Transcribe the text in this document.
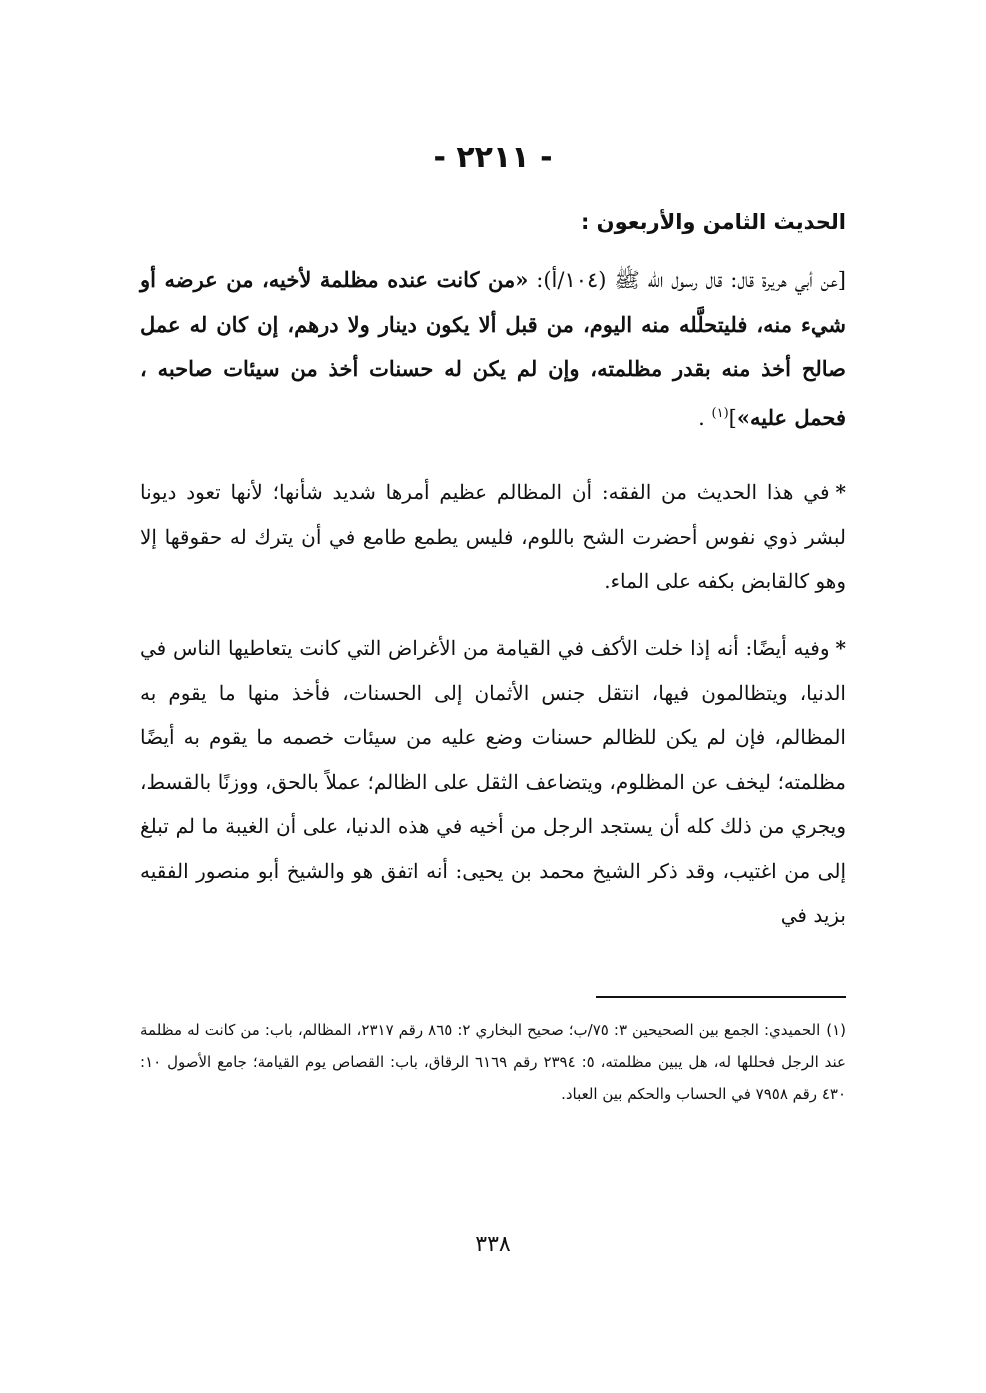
- ٢٢١١ -
الحديث الثامن والأربعون :

[عن أبي هريرة قال: قال رسول الله ﷺ (١٠٤/أ): «من كانت عنده مظلمة لأخيه، من عرضه أو شيء منه، فليتحلَّله منه اليوم، من قبل ألا يكون دينار ولا درهم، إن كان له عمل صالح أخذ منه بقدر مظلمته، وإن لم يكن له حسنات أخذ من سيئات صاحبه ، فحمل عليه»]$^{(١)}$ .

*في هذا الحديث من الفقه: أن المظالم عظيم أمرها شديد شأنها؛ لأنها تعود ديونا لبشر ذوي نفوس أحضرت الشح باللوم، فليس يطمع طامع في أن يترك له حقوقها إلا وهو كالقابض بكفه على الماء.

*وفيه أيضًا: أنه إذا خلت الأكف في القيامة من الأغراض التي كانت يتعاطيها الناس في الدنيا، ويتظالمون فيها، انتقل جنس الأثمان إلى الحسنات، فأخذ منها ما يقوم به المظالم، فإن لم يكن للظالم حسنات وضع عليه من سيئات خصمه ما يقوم به أيضًا مظلمته؛ ليخف عن المظلوم، ويتضاعف الثقل على الظالم؛ عملاً بالحق، ووزنًا بالقسط، ويجري من ذلك كله أن يستجد الرجل من أخيه في هذه الدنيا، على أن الغيبة ما لم تبلغ إلى من اغتيب، وقد ذكر الشيخ محمد بن يحيى: أنه اتفق هو والشيخ أبو منصور الفقيه بزيد في

(١)الحميدي: الجمع بين الصحيحين ٣: ٧٥/ب؛ صحيح البخاري ٢: ٨٦٥ رقم ٢٣١٧، المظالم، باب: من كانت له مظلمة عند الرجل فحللها له، هل يبين مظلمته، ٥: ٢٣٩٤ رقم ٦١٦٩ الرقاق، باب: القصاص يوم القيامة؛ جامع الأصول ١٠: ٤٣٠ رقم ٧٩٥٨ في الحساب والحكم بين العباد.

٣٣٨
